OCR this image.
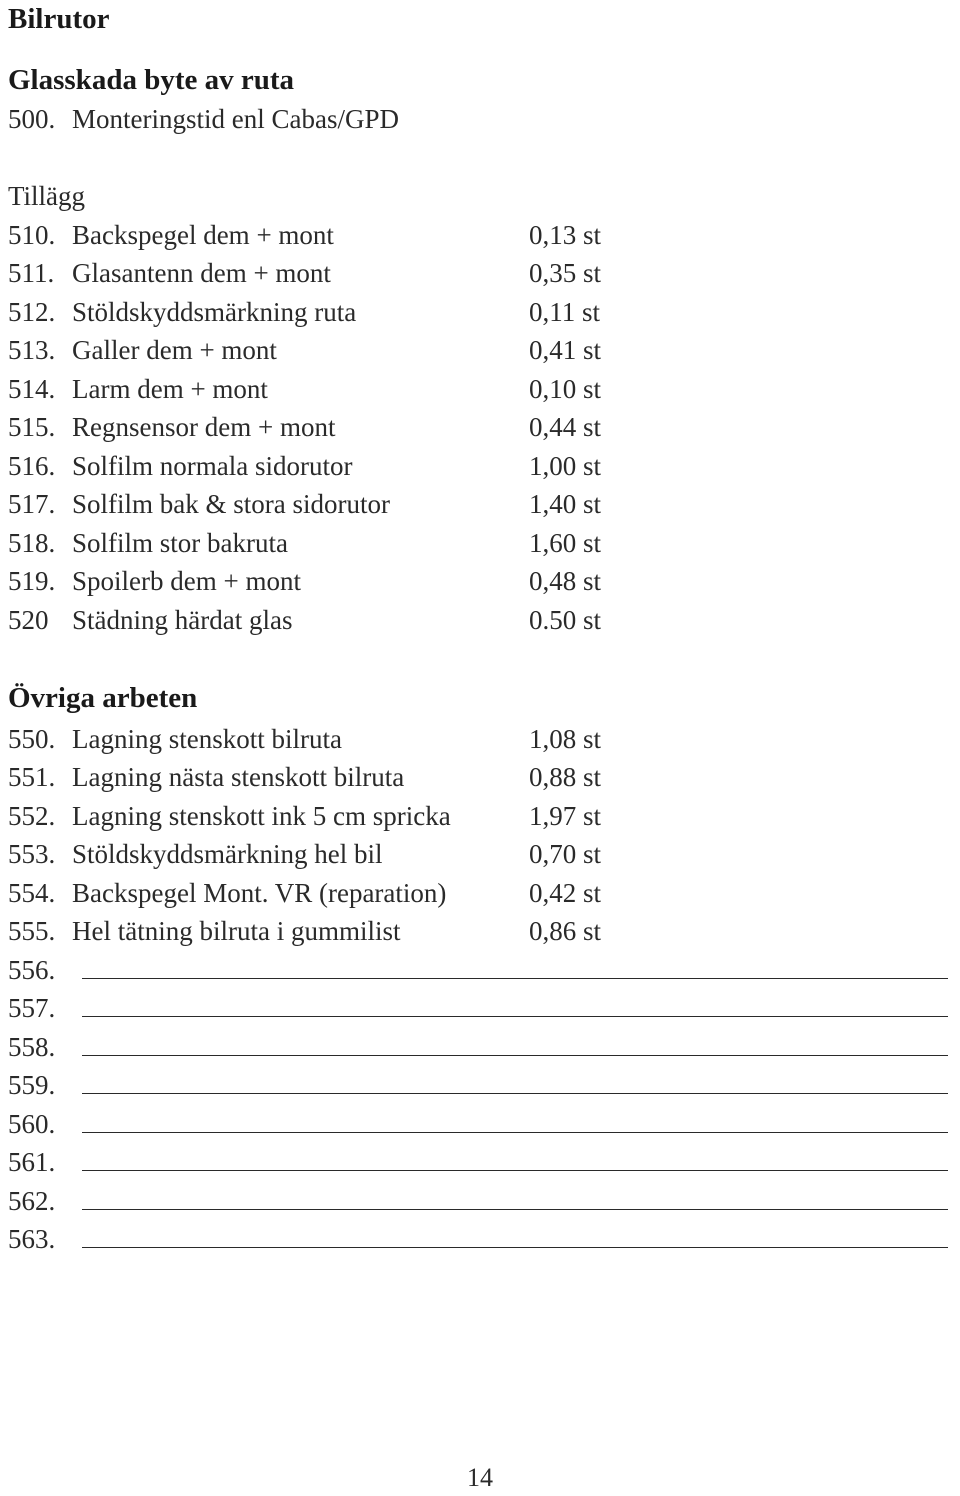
Bilrutor
Glasskada byte av ruta
500. Monteringstid enl Cabas/GPD
Tillägg
510. Backspegel dem + mont	0,13 st
511. Glasantenn dem + mont	0,35 st
512. Stöldskyddsmärkning ruta	0,11 st
513. Galler dem + mont	0,41 st
514. Larm dem + mont	0,10 st
515. Regnsensor dem + mont	0,44 st
516. Solfilm normala sidorutor	1,00 st
517. Solfilm bak & stora sidorutor	1,40 st
518. Solfilm stor bakruta	1,60 st
519. Spoilerb dem + mont	0,48 st
520 Städning härdat glas	0.50 st
Övriga arbeten
550. Lagning stenskott bilruta	1,08 st
551. Lagning nästa stenskott bilruta	0,88 st
552. Lagning stenskott ink 5 cm spricka	1,97 st
553. Stöldskyddsmärkning hel bil	0,70 st
554. Backspegel Mont. VR (reparation)	0,42 st
555. Hel tätning bilruta i gummilist	0,86 st
556.
557.
558.
559.
560.
561.
562.
563.
14
